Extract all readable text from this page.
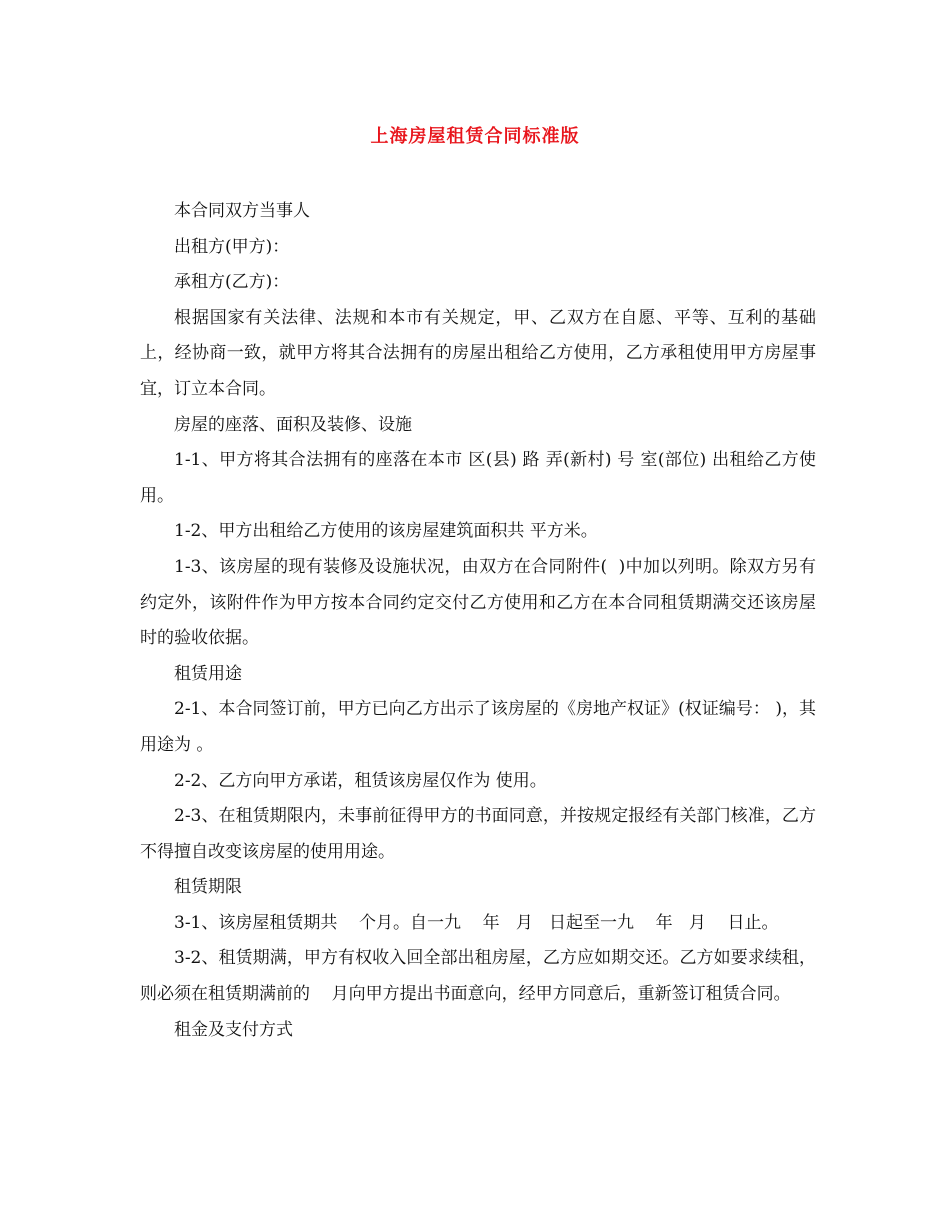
上海房屋租赁合同标准版

本合同双方当事人

出租方(甲方)：

承租方(乙方)：

根据国家有关法律、法规和本市有关规定，甲、乙双方在自愿、平等、互利的基础上，经协商一致，就甲方将其合法拥有的房屋出租给乙方使用，乙方承租使用甲方房屋事宜，订立本合同。

房屋的座落、面积及装修、设施

1-1、甲方将其合法拥有的座落在本市 区(县) 路 弄(新村) 号 室(部位) 出租给乙方使用。

1-2、甲方出租给乙方使用的该房屋建筑面积共 平方米。

1-3、该房屋的现有装修及设施状况，由双方在合同附件(  )中加以列明。除双方另有约定外，该附件作为甲方按本合同约定交付乙方使用和乙方在本合同租赁期满交还该房屋时的验收依据。

租赁用途

2-1、本合同签订前，甲方已向乙方出示了该房屋的《房地产权证》(权证编号： )，其用途为 。

2-2、乙方向甲方承诺，租赁该房屋仅作为 使用。

2-3、在租赁期限内，未事前征得甲方的书面同意，并按规定报经有关部门核准，乙方不得擅自改变该房屋的使用用途。

租赁期限

3-1、该房屋租赁期共    个月。自一九    年   月   日起至一九    年   月    日止。

3-2、租赁期满，甲方有权收入回全部出租房屋，乙方应如期交还。乙方如要求续租，则必须在租赁期满前的    月向甲方提出书面意向，经甲方同意后，重新签订租赁合同。

租金及支付方式
